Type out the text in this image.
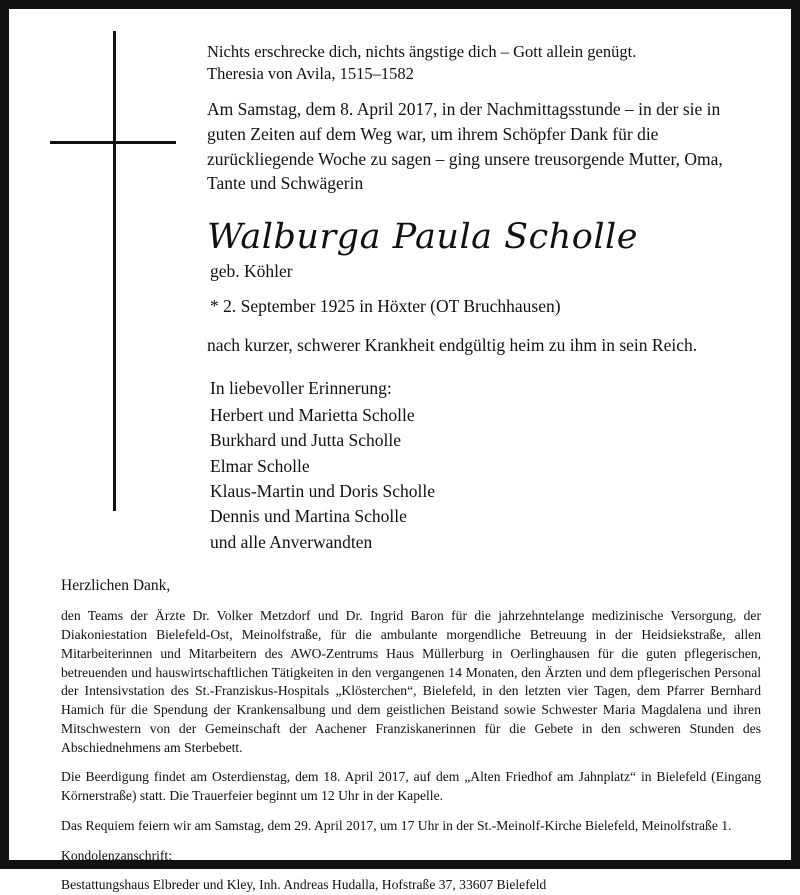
Nichts erschrecke dich, nichts ängstige dich – Gott allein genügt.
Theresia von Avila, 1515–1582

Am Samstag, dem 8. April 2017, in der Nachmittagsstunde – in der sie in guten Zeiten auf dem Weg war, um ihrem Schöpfer Dank für die zurückliegende Woche zu sagen – ging unsere treusorgende Mutter, Oma, Tante und Schwägerin

Walburga Paula Scholle
geb. Köhler
* 2. September 1925 in Höxter (OT Bruchhausen)

nach kurzer, schwerer Krankheit endgültig heim zu ihm in sein Reich.

In liebevoller Erinnerung:

Herbert und Marietta Scholle
Burkhard und Jutta Scholle
Elmar Scholle
Klaus-Martin und Doris Scholle
Dennis und Martina Scholle
und alle Anverwandten

Herzlichen Dank,

den Teams der Ärzte Dr. Volker Metzdorf und Dr. Ingrid Baron für die jahrzehntelange medizinische Versorgung, der Diakoniestation Bielefeld-Ost, Meinolfstraße, für die ambulante morgendliche Betreuung in der Heidsiekstraße, allen Mitarbeiterinnen und Mitarbeitern des AWO-Zentrums Haus Müllerburg in Oerlinghausen für die guten pflegerischen, betreuenden und hauswirtschaftlichen Tätigkeiten in den vergangenen 14 Monaten, den Ärzten und dem pflegerischen Personal der Intensivstation des St.-Franziskus-Hospitals „Klösterchen“, Bielefeld, in den letzten vier Tagen, dem Pfarrer Bernhard Hamich für die Spendung der Krankensalbung und dem geistlichen Beistand sowie Schwester Maria Magdalena und ihren Mitschwestern von der Gemeinschaft der Aachener Franziskanerinnen für die Gebete in den schweren Stunden des Abschiednehmens am Sterbebett.

Die Beerdigung findet am Osterdienstag, dem 18. April 2017, auf dem „Alten Friedhof am Jahnplatz“ in Bielefeld (Eingang Körnerstraße) statt. Die Trauerfeier beginnt um 12 Uhr in der Kapelle.

Das Requiem feiern wir am Samstag, dem 29. April 2017, um 17 Uhr in der St.-Meinolf-Kirche Bielefeld, Meinolfstraße 1.

Kondolenzanschrift:

Bestattungshaus Elbreder und Kley, Inh. Andreas Hudalla, Hofstraße 37, 33607 Bielefeld
